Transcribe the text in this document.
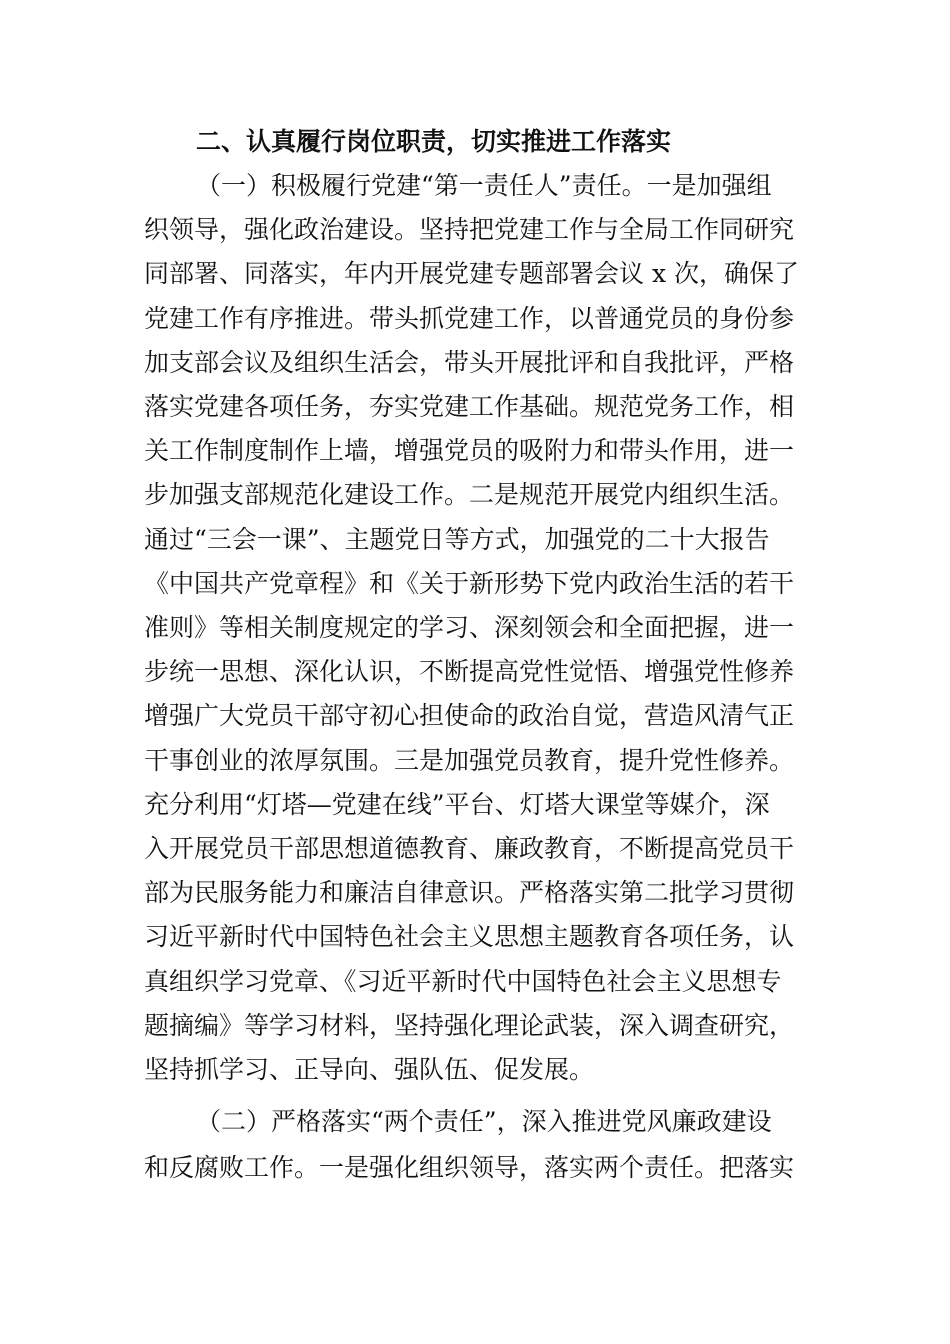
二、认真履行岗位职责，切实推进工作落实
（一）积极履行党建“第一责任人”责任。一是加强组
织领导，强化政治建设。坚持把党建工作与全局工作同研究
同部署、同落实，年内开展党建专题部署会议 x 次，确保了
党建工作有序推进。带头抓党建工作，以普通党员的身份参
加支部会议及组织生活会，带头开展批评和自我批评，严格
落实党建各项任务，夯实党建工作基础。规范党务工作，相
关工作制度制作上墙，增强党员的吸附力和带头作用，进一
步加强支部规范化建设工作。二是规范开展党内组织生活。
通过“三会一课”、主题党日等方式，加强党的二十大报告
《中国共产党章程》和《关于新形势下党内政治生活的若干
准则》等相关制度规定的学习、深刻领会和全面把握，进一
步统一思想、深化认识，不断提高党性觉悟、增强党性修养
增强广大党员干部守初心担使命的政治自觉，营造风清气正
干事创业的浓厚氛围。三是加强党员教育，提升党性修养。
充分利用“灯塔—党建在线”平台、灯塔大课堂等媒介，深
入开展党员干部思想道德教育、廉政教育，不断提高党员干
部为民服务能力和廉洁自律意识。严格落实第二批学习贯彻
习近平新时代中国特色社会主义思想主题教育各项任务，认
真组织学习党章、《习近平新时代中国特色社会主义思想专
题摘编》等学习材料，坚持强化理论武装，深入调查研究，
坚持抓学习、正导向、强队伍、促发展。
（二）严格落实“两个责任”，深入推进党风廉政建设
和反腐败工作。一是强化组织领导，落实两个责任。把落实
